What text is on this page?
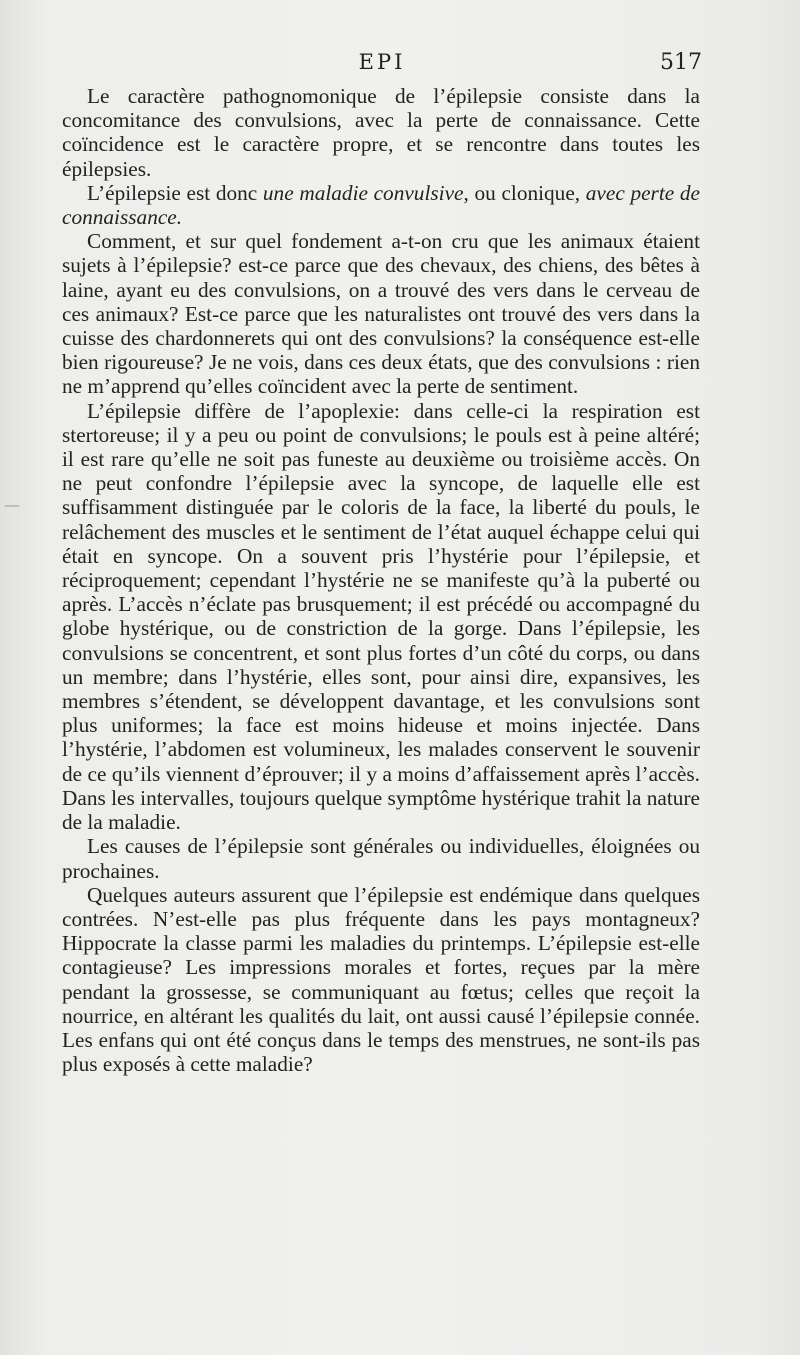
EPI	517

Le caractère pathognomonique de l’épilepsie consiste dans la concomitance des convulsions, avec la perte de connaissance. Cette coïncidence est le caractère propre, et se rencontre dans toutes les épilepsies.

L’épilepsie est donc une maladie convulsive, ou clonique, avec perte de connaissance.

Comment, et sur quel fondement a-t-on cru que les animaux étaient sujets à l’épilepsie? est-ce parce que des chevaux, des chiens, des bêtes à laine, ayant eu des convulsions, on a trouvé des vers dans le cerveau de ces animaux? Est-ce parce que les naturalistes ont trouvé des vers dans la cuisse des chardonnerets qui ont des convulsions? la conséquence est-elle bien rigoureuse? Je ne vois, dans ces deux états, que des convulsions : rien ne m’apprend qu’elles coïncident avec la perte de sentiment.

L’épilepsie diffère de l’apoplexie: dans celle-ci la respiration est stertoreuse; il y a peu ou point de convulsions; le pouls est à peine altéré; il est rare qu’elle ne soit pas funeste au deuxième ou troisième accès. On ne peut confondre l’épilepsie avec la syncope, de laquelle elle est suffisamment distinguée par le coloris de la face, la liberté du pouls, le relâchement des muscles et le sentiment de l’état auquel échappe celui qui était en syncope. On a souvent pris l’hystérie pour l’épilepsie, et réciproquement; cependant l’hystérie ne se manifeste qu’à la puberté ou après. L’accès n’éclate pas brusquement; il est précédé ou accompagné du globe hystérique, ou de constriction de la gorge. Dans l’épilepsie, les convulsions se concentrent, et sont plus fortes d’un côté du corps, ou dans un membre; dans l’hystérie, elles sont, pour ainsi dire, expansives, les membres s’étendent, se développent davantage, et les convulsions sont plus uniformes; la face est moins hideuse et moins injectée. Dans l’hystérie, l’abdomen est volumineux, les malades conservent le souvenir de ce qu’ils viennent d’éprouver; il y a moins d’affaissement après l’accès. Dans les intervalles, toujours quelque symptôme hystérique trahit la nature de la maladie.

Les causes de l’épilepsie sont générales ou individuelles, éloignées ou prochaines.

Quelques auteurs assurent que l’épilepsie est endémique dans quelques contrées. N’est-elle pas plus fréquente dans les pays montagneux? Hippocrate la classe parmi les maladies du printemps. L’épilepsie est-elle contagieuse? Les impressions morales et fortes, reçues par la mère pendant la grossesse, se communiquant au fœtus; celles que reçoit la nourrice, en altérant les qualités du lait, ont aussi causé l’épilepsie connée. Les enfans qui ont été conçus dans le temps des menstrues, ne sont-ils pas plus exposés à cette maladie?

—
